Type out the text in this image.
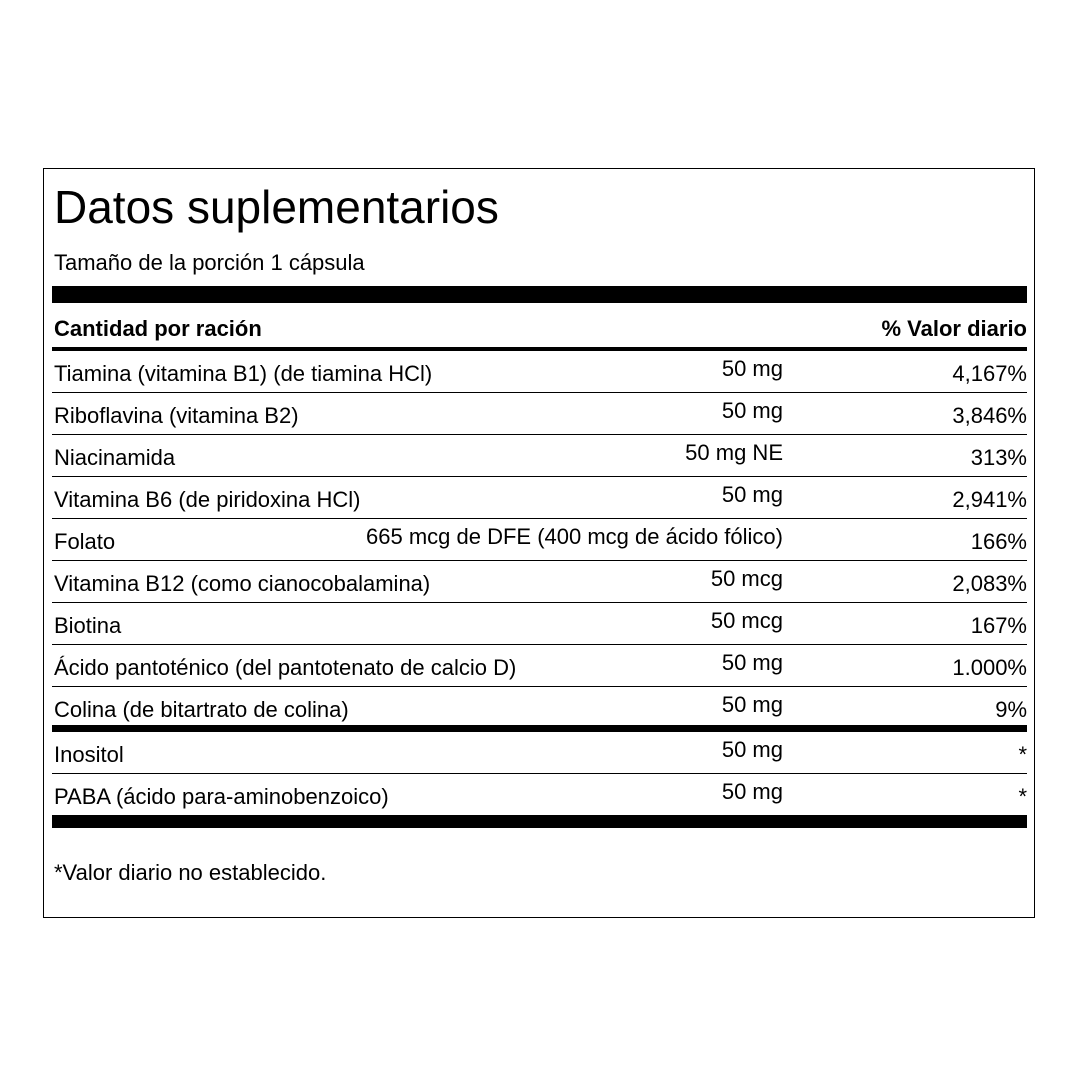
Datos suplementarios
Tamaño de la porción 1 cápsula
Cantidad por ración	% Valor diario
Tiamina (vitamina B1) (de tiamina HCl)	50 mg	4,167%
Riboflavina (vitamina B2)	50 mg	3,846%
Niacinamida	50 mg NE	313%
Vitamina B6 (de piridoxina HCl)	50 mg	2,941%
Folato	665 mcg de DFE (400 mcg de ácido fólico)	166%
Vitamina B12 (como cianocobalamina)	50 mcg	2,083%
Biotina	50 mcg	167%
Ácido pantoténico (del pantotenato de calcio D)	50 mg	1.000%
Colina (de bitartrato de colina)	50 mg	9%
Inositol	50 mg	*
PABA (ácido para-aminobenzoico)	50 mg	*
*Valor diario no establecido.
